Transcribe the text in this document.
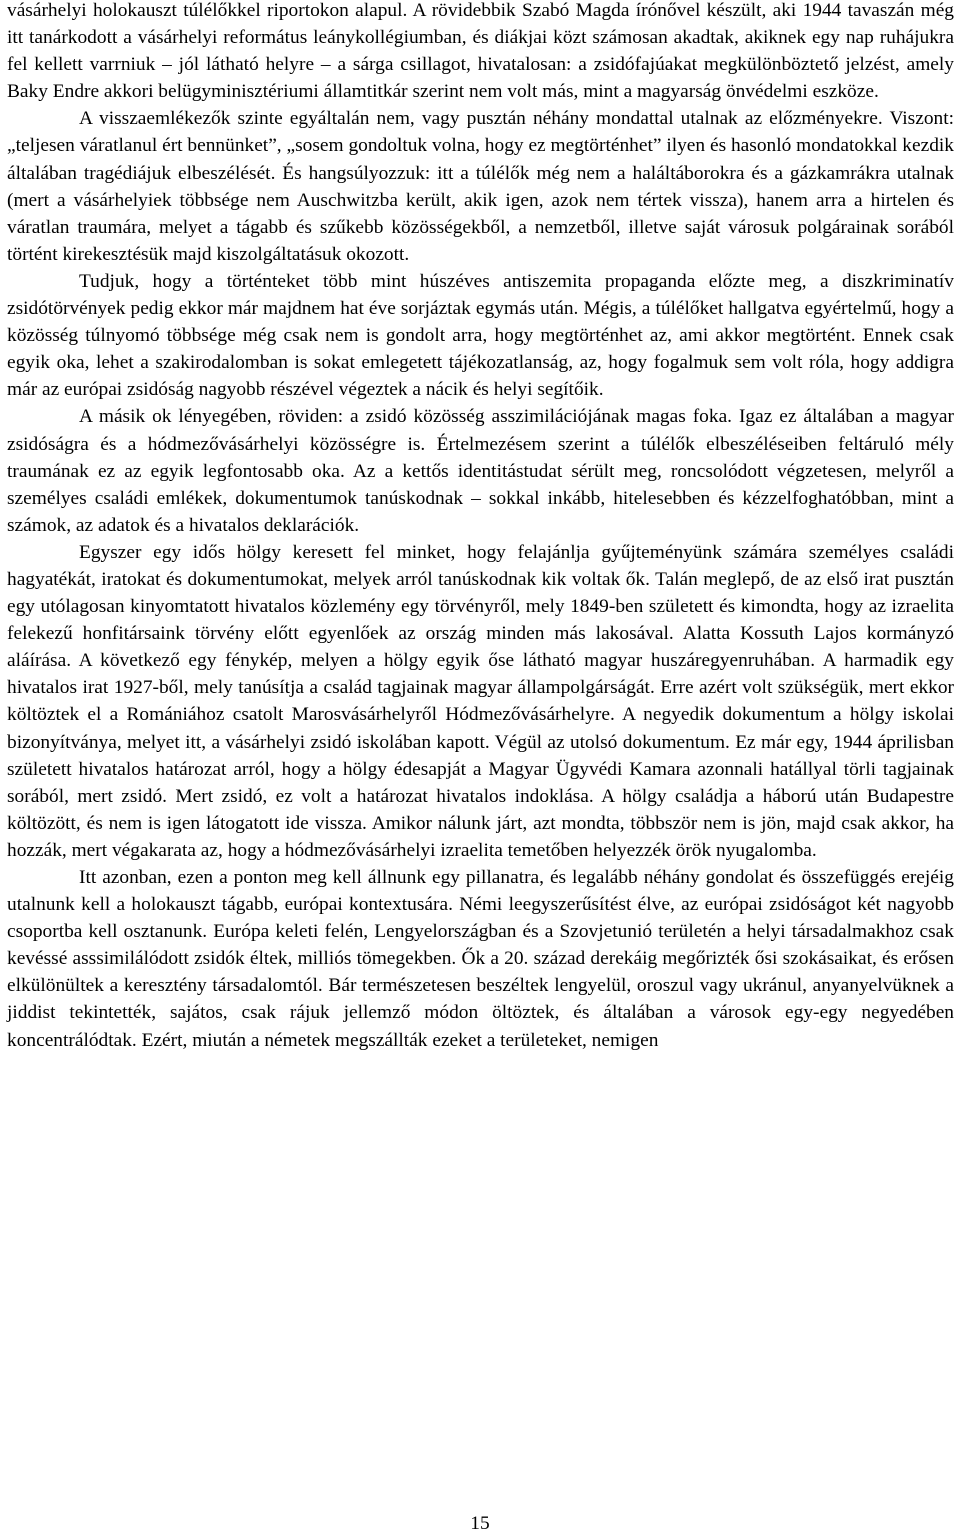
vásárhelyi holokauszt túlélőkkel riportokon alapul. A rövidebbik Szabó Magda írónővel készült, aki 1944 tavaszán még itt tanárkodott a vásárhelyi református leánykollégiumban, és diákjai közt számosan akadtak, akiknek egy nap ruhájukra fel kellett varrniuk – jól látható helyre – a sárga csillagot, hivatalosan: a zsidófajúakat megkülönböztető jelzést, amely Baky Endre akkori belügyminisztériumi államtitkár szerint nem volt más, mint a magyarság önvédelmi eszköze.

A visszaemlékezők szinte egyáltalán nem, vagy pusztán néhány mondattal utalnak az előzményekre. Viszont: „teljesen váratlanul ért bennünket”, „sosem gondoltuk volna, hogy ez megtörténhet” ilyen és hasonló mondatokkal kezdik általában tragédiájuk elbeszélését. És hangsúlyozzuk: itt a túlélők még nem a haláltáborokra és a gázkamrákra utalnak (mert a vásárhelyiek többsége nem Auschwitzba került, akik igen, azok nem tértek vissza), hanem arra a hirtelen és váratlan traumára, melyet a tágabb és szűkebb közösségekből, a nemzetből, illetve saját városuk polgárainak sorából történt kirekesztésük majd kiszolgáltatásuk okozott.

Tudjuk, hogy a történteket több mint húszéves antiszemita propaganda előzte meg, a diszkriminatív zsidótörvények pedig ekkor már majdnem hat éve sorjáztak egymás után. Mégis, a túlélőket hallgatva egyértelmű, hogy a közösség túlnyomó többsége még csak nem is gondolt arra, hogy megtörténhet az, ami akkor megtörtént. Ennek csak egyik oka, lehet a szakirodalomban is sokat emlegetett tájékozatlanság, az, hogy fogalmuk sem volt róla, hogy addigra már az európai zsidóság nagyobb részével végeztek a nácik és helyi segítőik.

A másik ok lényegében, röviden: a zsidó közösség asszimilációjának magas foka. Igaz ez általában a magyar zsidóságra és a hódmezővásárhelyi közösségre is. Értelmezésem szerint a túlélők elbeszéléseiben feltáruló mély traumának ez az egyik legfontosabb oka. Az a kettős identitástudat sérült meg, roncsolódott végzetesen, melyről a személyes családi emlékek, dokumentumok tanúskodnak – sokkal inkább, hitelesebben és kézzelfoghatóbban, mint a számok, az adatok és a hivatalos deklarációk.

Egyszer egy idős hölgy keresett fel minket, hogy felajánlja gyűjteményünk számára személyes családi hagyatékát, iratokat és dokumentumokat, melyek arról tanúskodnak kik voltak ők. Talán meglepő, de az első irat pusztán egy utólagosan kinyomtatott hivatalos közlemény egy törvényről, mely 1849-ben született és kimondta, hogy az izraelita felekezű honfitársaink törvény előtt egyenlőek az ország minden más lakosával. Alatta Kossuth Lajos kormányzó aláírása. A következő egy fénykép, melyen a hölgy egyik őse látható magyar huszáregyenruhában. A harmadik egy hivatalos irat 1927-ből, mely tanúsítja a család tagjainak magyar állampolgárságát. Erre azért volt szükségük, mert ekkor költöztek el a Romániához csatolt Marosvásárhelyről Hódmezővásárhelyre. A negyedik dokumentum a hölgy iskolai bizonyítványa, melyet itt, a vásárhelyi zsidó iskolában kapott. Végül az utolsó dokumentum. Ez már egy, 1944 áprilisban született hivatalos határozat arról, hogy a hölgy édesapját a Magyar Ügyvédi Kamara azonnali hatállyal törli tagjainak sorából, mert zsidó. Mert zsidó, ez volt a határozat hivatalos indoklása. A hölgy családja a háború után Budapestre költözött, és nem is igen látogatott ide vissza. Amikor nálunk járt, azt mondta, többször nem is jön, majd csak akkor, ha hozzák, mert végakarata az, hogy a hódmezővásárhelyi izraelita temetőben helyezzék örök nyugalomba.

Itt azonban, ezen a ponton meg kell állnunk egy pillanatra, és legalább néhány gondolat és összefüggés erejéig utalnunk kell a holokauszt tágabb, európai kontextusára. Némi leegyszerűsítést élve, az európai zsidóságot két nagyobb csoportba kell osztanunk. Európa keleti felén, Lengyelországban és a Szovjetunió területén a helyi társadalmakhoz csak kevéssé asssimilálódott zsidók éltek, milliós tömegekben. Ők a 20. század derekáig megőrizték ősi szokásaikat, és erősen elkülönültek a keresztény társadalomtól. Bár természetesen beszéltek lengyelül, oroszul vagy ukránul, anyanyelvüknek a jiddist tekintették, sajátos, csak rájuk jellemző módon öltöztek, és általában a városok egy-egy negyedében koncentrálódtak. Ezért, miután a németek megszállták ezeket a területeket, nemigen

15
